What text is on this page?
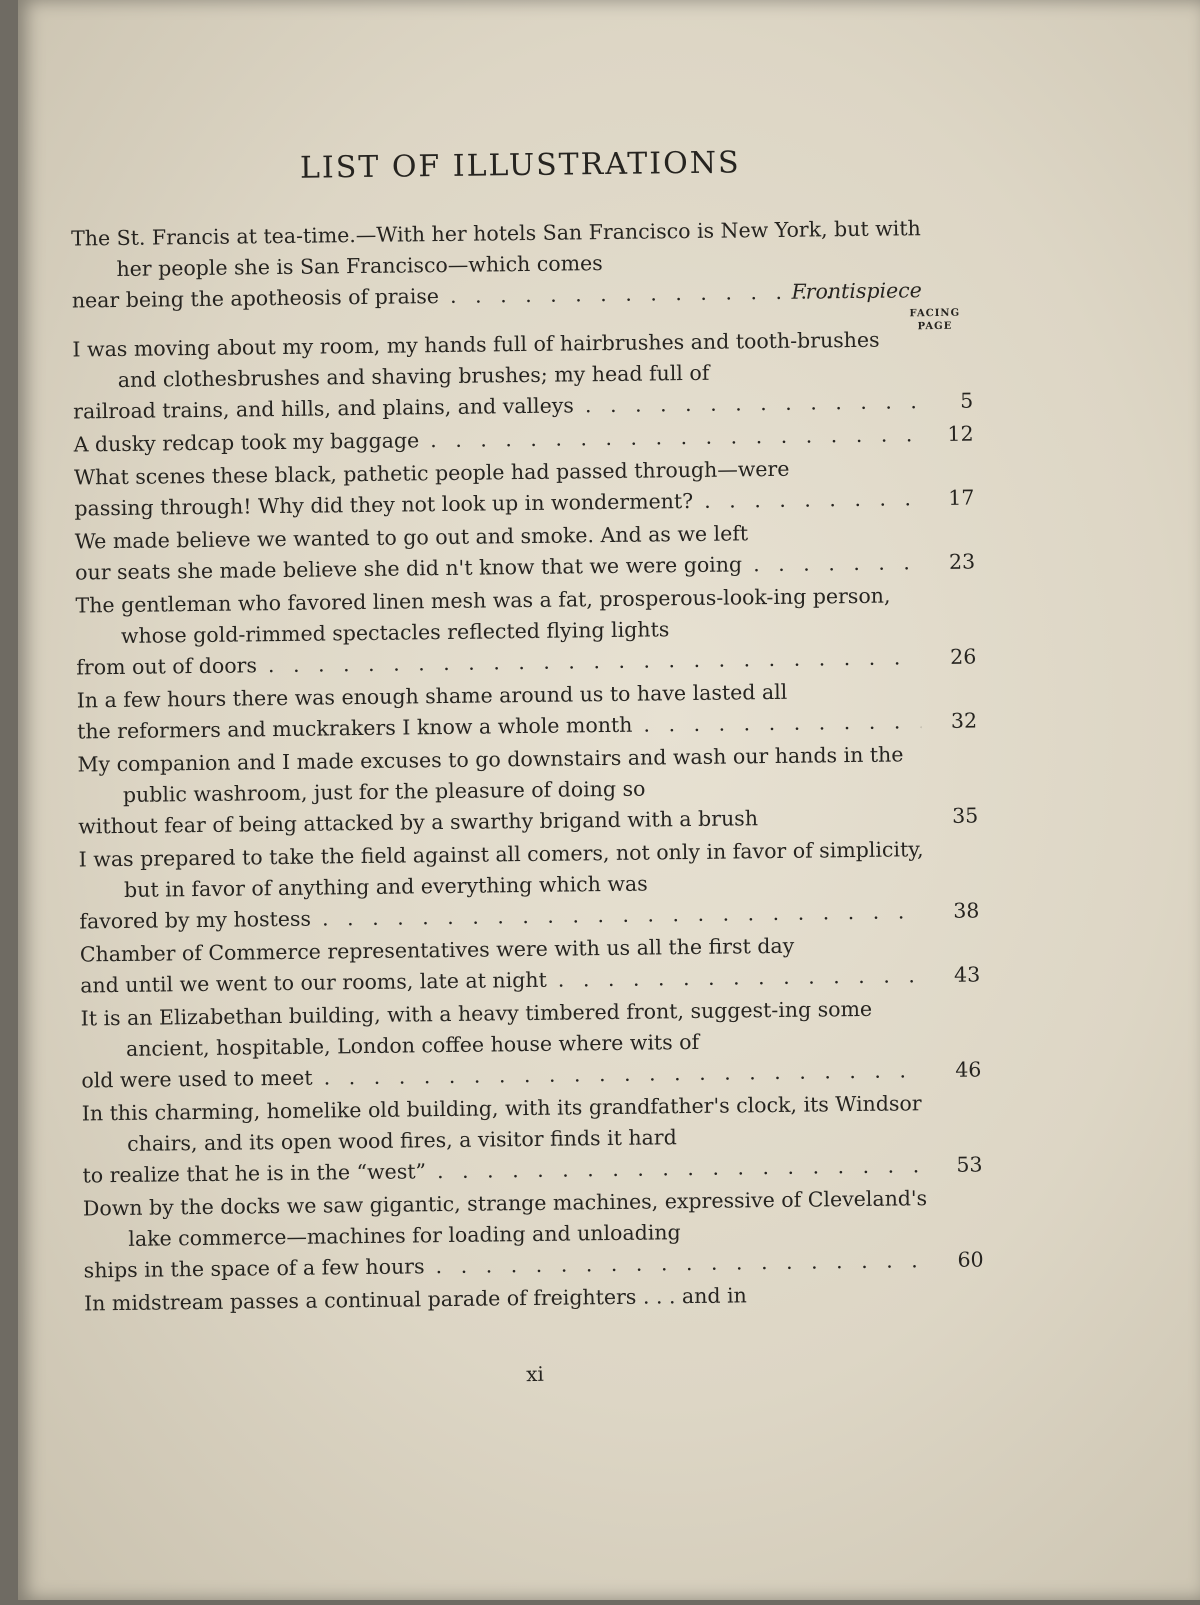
LIST OF ILLUSTRATIONS
FACING
PAGE
The St. Francis at tea-time.—With her hotels San Francisco is New York, but with her people she is San Francisco—which comes
near being the apotheosis of praise . . .	Frontispiece
I was moving about my room, my hands full of hairbrushes and tooth-brushes and clothesbrushes and shaving brushes; my head full of
railroad trains, and hills, and plains, and valleys . . .	5
A dusky redcap took my baggage . . .	12
What scenes these black, pathetic people had passed through—were
passing through! Why did they not look up in wonderment? . . .	17
We made believe we wanted to go out and smoke. And as we left
our seats she made believe she did n't know that we were going . . .	23
The gentleman who favored linen mesh was a fat, prosperous-look-ing person, whose gold-rimmed spectacles reflected flying lights
from out of doors . . .	26
In a few hours there was enough shame around us to have lasted all
the reformers and muckrakers I know a whole month . . .	32
My companion and I made excuses to go downstairs and wash our hands in the public washroom, just for the pleasure of doing so
without fear of being attacked by a swarthy brigand with a brush	35
I was prepared to take the field against all comers, not only in favor of simplicity, but in favor of anything and everything which was
favored by my hostess . . .	38
Chamber of Commerce representatives were with us all the first day
and until we went to our rooms, late at night . . .	43
It is an Elizabethan building, with a heavy timbered front, suggest-ing some ancient, hospitable, London coffee house where wits of
old were used to meet . . .	46
In this charming, homelike old building, with its grandfather's clock, its Windsor chairs, and its open wood fires, a visitor finds it hard
to realize that he is in the “west” . . .	53
Down by the docks we saw gigantic, strange machines, expressive of Cleveland's lake commerce—machines for loading and unloading
ships in the space of a few hours . . .	60
In midstream passes a continual parade of freighters . . . and in
xi
